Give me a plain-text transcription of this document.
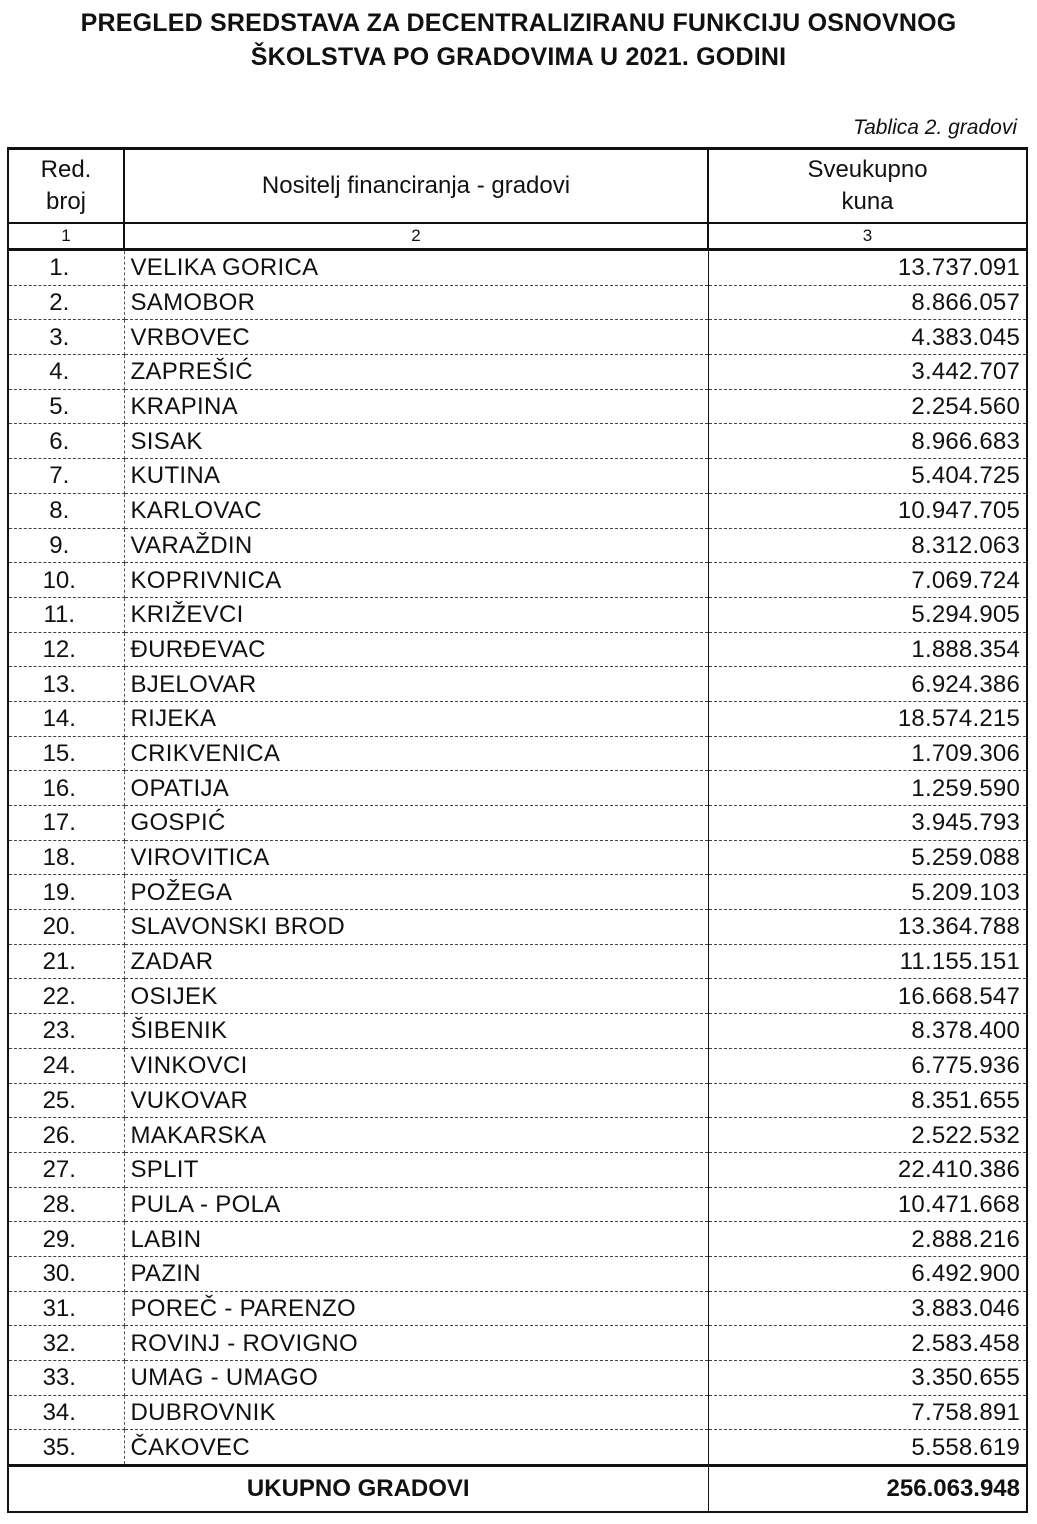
PREGLED SREDSTAVA ZA DECENTRALIZIRANU FUNKCIJU OSNOVNOG
ŠKOLSTVA PO GRADOVIMA U 2021. GODINI
Tablica 2. gradovi
Red.
broj	Nositelj financiranja - gradovi	Sveukupno
kuna
1	2	3
1.	VELIKA GORICA	13.737.091
2.	SAMOBOR	8.866.057
3.	VRBOVEC	4.383.045
4.	ZAPREŠIĆ	3.442.707
5.	KRAPINA	2.254.560
6.	SISAK	8.966.683
7.	KUTINA	5.404.725
8.	KARLOVAC	10.947.705
9.	VARAŽDIN	8.312.063
10.	KOPRIVNICA	7.069.724
11.	KRIŽEVCI	5.294.905
12.	ĐURĐEVAC	1.888.354
13.	BJELOVAR	6.924.386
14.	RIJEKA	18.574.215
15.	CRIKVENICA	1.709.306
16.	OPATIJA	1.259.590
17.	GOSPIĆ	3.945.793
18.	VIROVITICA	5.259.088
19.	POŽEGA	5.209.103
20.	SLAVONSKI BROD	13.364.788
21.	ZADAR	11.155.151
22.	OSIJEK	16.668.547
23.	ŠIBENIK	8.378.400
24.	VINKOVCI	6.775.936
25.	VUKOVAR	8.351.655
26.	MAKARSKA	2.522.532
27.	SPLIT	22.410.386
28.	PULA - POLA	10.471.668
29.	LABIN	2.888.216
30.	PAZIN	6.492.900
31.	POREČ - PARENZO	3.883.046
32.	ROVINJ - ROVIGNO	2.583.458
33.	UMAG - UMAGO	3.350.655
34.	DUBROVNIK	7.758.891
35.	ČAKOVEC	5.558.619
UKUPNO GRADOVI		256.063.948
